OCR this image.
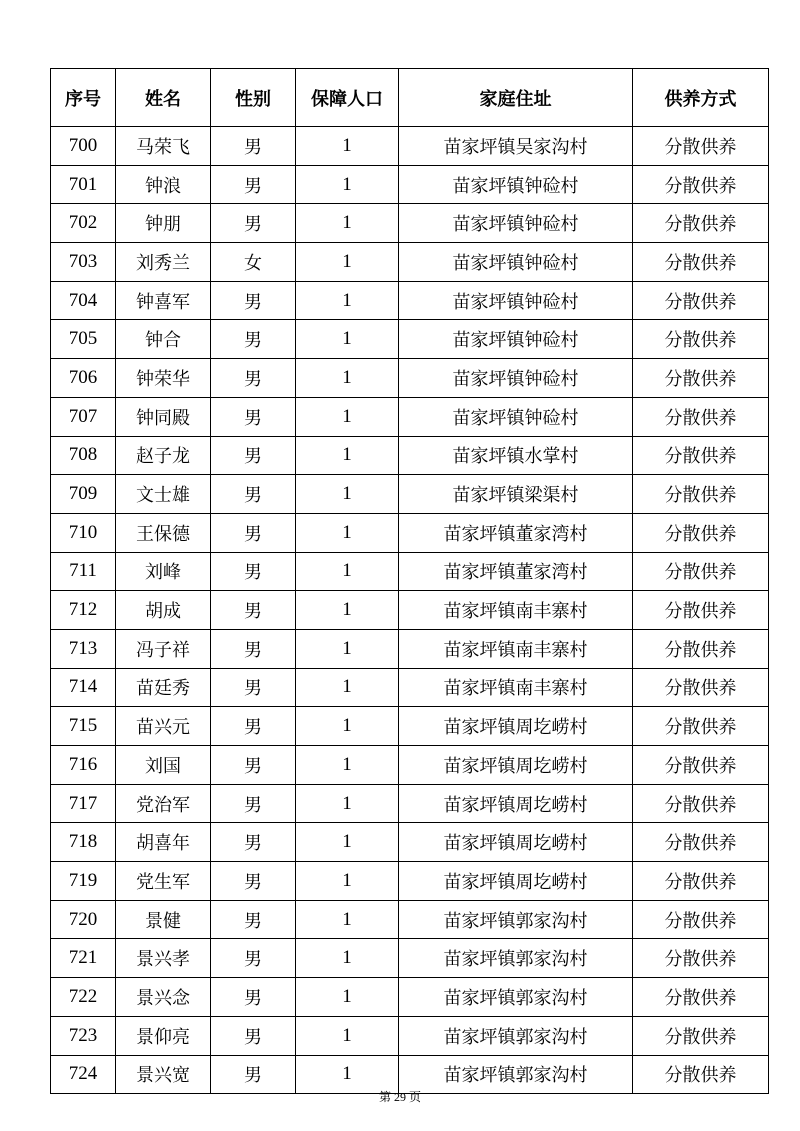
序号	姓名	性别	保障人口	家庭住址	供养方式
700	马荣飞	男	1	苗家坪镇吴家沟村	分散供养
701	钟浪	男	1	苗家坪镇钟硷村	分散供养
702	钟朋	男	1	苗家坪镇钟硷村	分散供养
703	刘秀兰	女	1	苗家坪镇钟硷村	分散供养
704	钟喜军	男	1	苗家坪镇钟硷村	分散供养
705	钟合	男	1	苗家坪镇钟硷村	分散供养
706	钟荣华	男	1	苗家坪镇钟硷村	分散供养
707	钟同殿	男	1	苗家坪镇钟硷村	分散供养
708	赵子龙	男	1	苗家坪镇水掌村	分散供养
709	文士雄	男	1	苗家坪镇梁渠村	分散供养
710	王保德	男	1	苗家坪镇董家湾村	分散供养
711	刘峰	男	1	苗家坪镇董家湾村	分散供养
712	胡成	男	1	苗家坪镇南丰寨村	分散供养
713	冯子祥	男	1	苗家坪镇南丰寨村	分散供养
714	苗廷秀	男	1	苗家坪镇南丰寨村	分散供养
715	苗兴元	男	1	苗家坪镇周圪崂村	分散供养
716	刘国	男	1	苗家坪镇周圪崂村	分散供养
717	党治军	男	1	苗家坪镇周圪崂村	分散供养
718	胡喜年	男	1	苗家坪镇周圪崂村	分散供养
719	党生军	男	1	苗家坪镇周圪崂村	分散供养
720	景健	男	1	苗家坪镇郭家沟村	分散供养
721	景兴孝	男	1	苗家坪镇郭家沟村	分散供养
722	景兴念	男	1	苗家坪镇郭家沟村	分散供养
723	景仰亮	男	1	苗家坪镇郭家沟村	分散供养
724	景兴宽	男	1	苗家坪镇郭家沟村	分散供养
第 29 页
